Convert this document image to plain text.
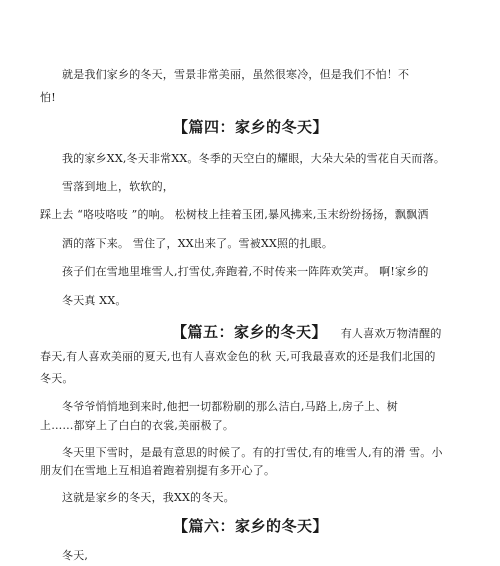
就是我们家乡的冬天，雪景非常美丽，虽然很寒冷，但是我们不怕！不
怕!
【篇四：家乡的冬天】
我的家乡XX,冬天非常XX。冬季的天空白的耀眼，大朵大朵的雪花自天而落。
雪落到地上，软软的，
踩上去 “咯吱咯吱 ”的响。 松树枝上挂着玉团,暴风拂来,玉末纷纷扬扬，飘飘洒
洒的落下来。 雪住了，XX出来了。雪被XX照的扎眼。
孩子们在雪地里堆雪人,打雪仗,奔跑着,不时传来一阵阵欢笑声。 啊!家乡的
冬天真 XX。
【篇五：家乡的冬天】 有人喜欢万物清醒的
春天,有人喜欢美丽的夏天,也有人喜欢金色的秋 天,可我最喜欢的还是我们北国的
冬天。
冬爷爷悄悄地到来时,他把一切都粉刷的那么洁白,马路上,房子上、树
上……都穿上了白白的衣裳,美丽极了。
冬天里下雪时，是最有意思的时候了。有的打雪仗,有的堆雪人,有的滑 雪。小
朋友们在雪地上互相追着跑着别提有多开心了。
这就是家乡的冬天，我XX的冬天。
【篇六：家乡的冬天】
冬天,
